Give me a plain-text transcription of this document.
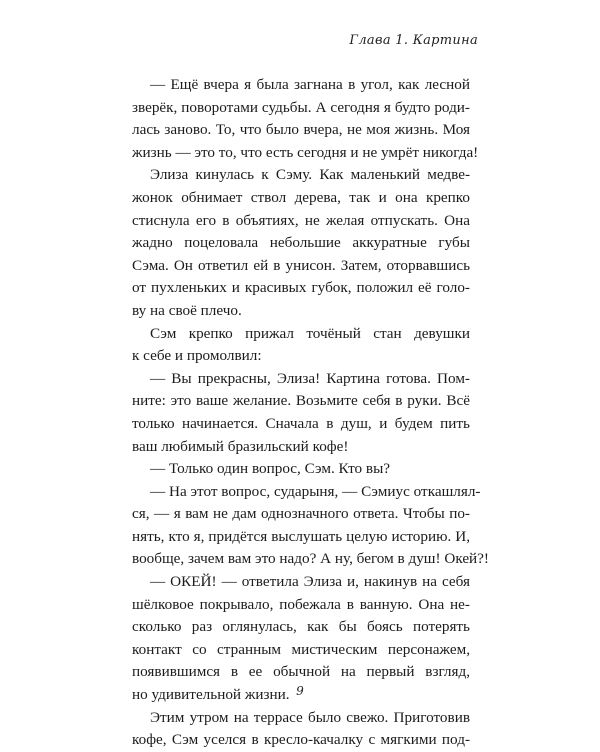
Глава 1. Картина
— Ещё вчера я была загнана в угол, как лесной
зверёк, поворотами судьбы. А сегодня я будто роди-
лась заново. То, что было вчера, не моя жизнь. Моя
жизнь — это то, что есть сегодня и не умрёт никогда!
Элиза кинулась к Сэму. Как маленький медве-
жонок обнимает ствол дерева, так и она крепко
стиснула его в объятиях, не желая отпускать. Она
жадно поцеловала небольшие аккуратные губы
Сэма. Он ответил ей в унисон. Затем, оторвавшись
от пухленьких и красивых губок, положил её голо-
ву на своё плечо.
Сэм крепко прижал точёный стан девушки
к себе и промолвил:
— Вы прекрасны, Элиза! Картина готова. Пом-
ните: это ваше желание. Возьмите себя в руки. Всё
только начинается. Сначала в душ, и будем пить
ваш любимый бразильский кофе!
— Только один вопрос, Сэм. Кто вы?
— На этот вопрос, сударыня, — Сэмиус откашлял-
ся, — я вам не дам однозначного ответа. Чтобы по-
нять, кто я, придётся выслушать целую историю. И,
вообще, зачем вам это надо? А ну, бегом в душ! Окей?!
— ОКЕЙ! — ответила Элиза и, накинув на себя
шёлковое покрывало, побежала в ванную. Она не-
сколько раз оглянулась, как бы боясь потерять
контакт со странным мистическим персонажем,
появившимся в ее обычной на первый взгляд,
но удивительной жизни.
Этим утром на террасе было свежо. Приготовив
кофе, Сэм уселся в кресло-качалку с мягкими под-
9
